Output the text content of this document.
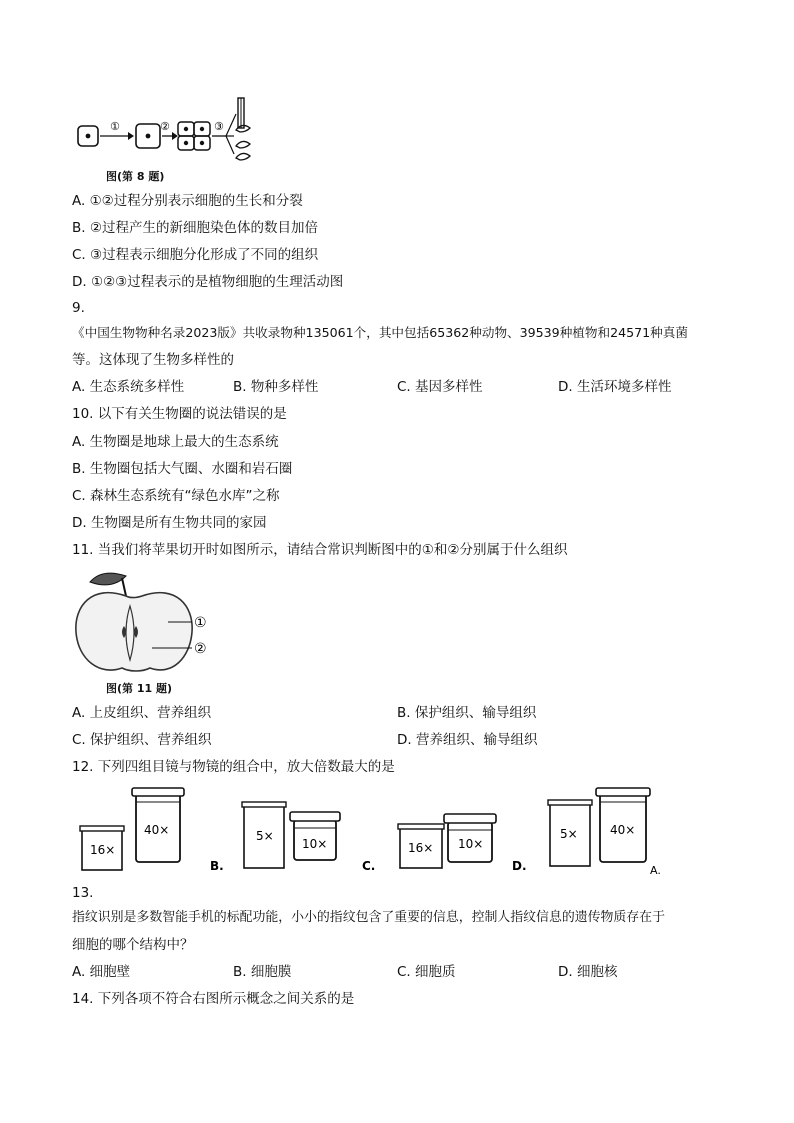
①	②	③
图(第 8 题)
A. ①②过程分别表示细胞的生长和分裂
B. ②过程产生的新细胞染色体的数目加倍
C. ③过程表示细胞分化形成了不同的组织
D. ①②③过程表示的是植物细胞的生理活动图
9.
《中国生物物种名录2023版》共收录物种135061个，其中包括65362种动物、39539种植物和24571种真菌
等。这体现了生物多样性的
A. 生态系统多样性	B. 物种多样性	C. 基因多样性	D. 生活环境多样性
10. 以下有关生物圈的说法错误的是
A. 生物圈是地球上最大的生态系统
B. 生物圈包括大气圈、水圈和岩石圈
C. 森林生态系统有“绿色水库”之称
D. 生物圈是所有生物共同的家园
11. 当我们将苹果切开时如图所示，请结合常识判断图中的①和②分别属于什么组织
①
②
图(第 11 题)
A. 上皮组织、营养组织	B. 保护组织、输导组织
C. 保护组织、营养组织	D. 营养组织、输导组织
12. 下列四组目镜与物镜的组合中，放大倍数最大的是
16×
40×
B.
5×
10×
C.
16× 10×
D.
5×	40×
A.
13.
指纹识别是多数智能手机的标配功能，小小的指纹包含了重要的信息，控制人指纹信息的遗传物质存在于
细胞的哪个结构中？
A. 细胞壁	B. 细胞膜	C. 细胞质	D. 细胞核
14. 下列各项不符合右图所示概念之间关系的是
